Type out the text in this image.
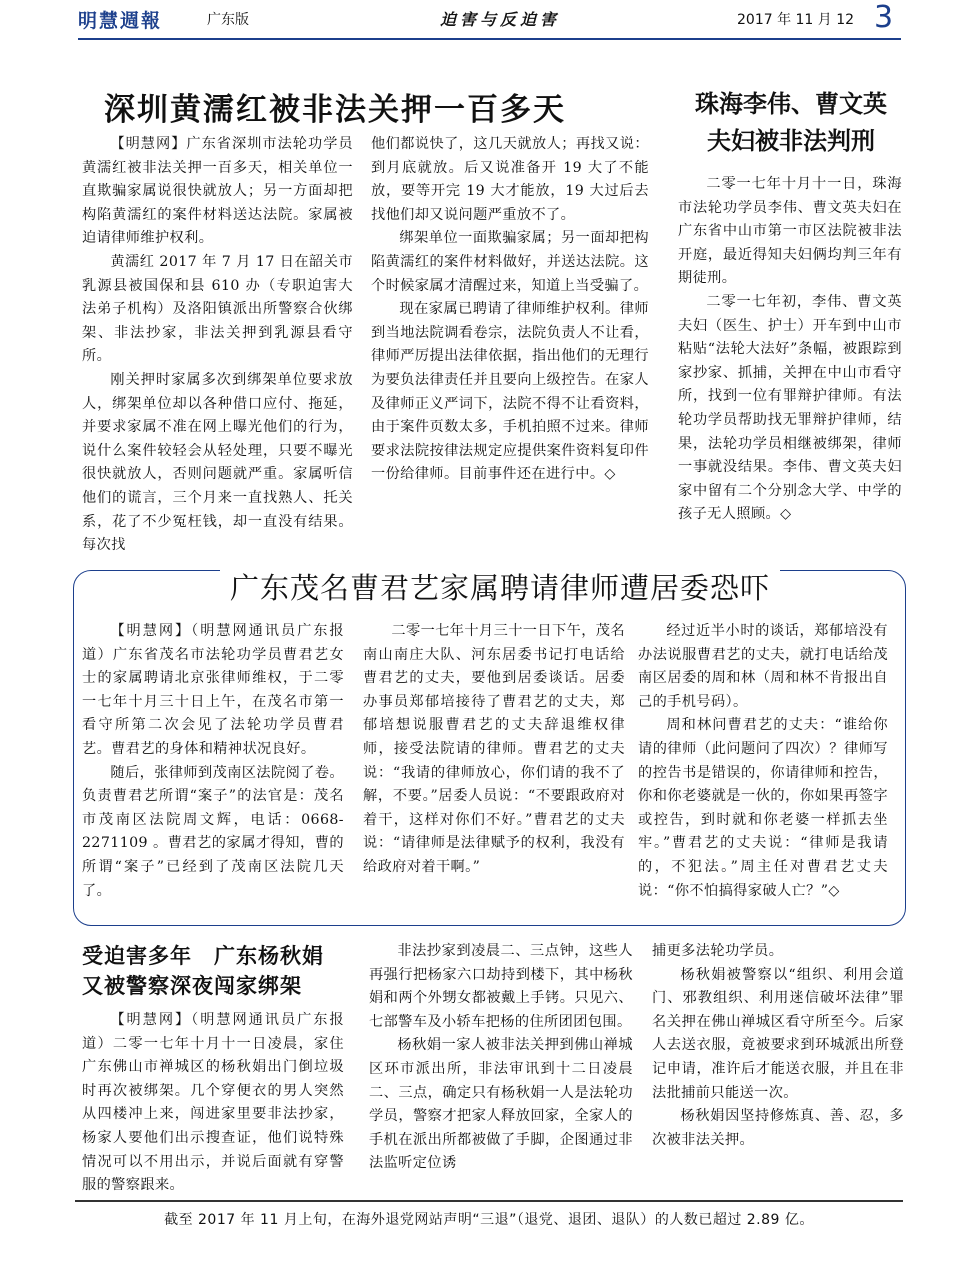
明慧週報	广东版	迫害与反迫害	2017 年 11 月 12 3
深圳黄濡红被非法关押一百多天

【明慧网】广东省深圳市法轮功学员黄濡红被非法关押一百多天，相关单位一直欺骗家属说很快就放人；另一方面却把构陷黄濡红的案件材料送达法院。家属被迫请律师维护权利。

黄濡红 2017 年 7 月 17 日在韶关市乳源县被国保和县 610 办（专职迫害大法弟子机构）及洛阳镇派出所警察合伙绑架、非法抄家，非法关押到乳源县看守所。

刚关押时家属多次到绑架单位要求放人，绑架单位却以各种借口应付、拖延，并要求家属不准在网上曝光他们的行为，说什么案件较轻会从轻处理，只要不曝光很快就放人，否则问题就严重。家属听信他们的谎言，三个月来一直找熟人、托关系，花了不少冤枉钱，却一直没有结果。每次找

他们都说快了，这几天就放人；再找又说：到月底就放。后又说准备开 19 大了不能放，要等开完 19 大才能放，19 大过后去找他们却又说问题严重放不了。

绑架单位一面欺骗家属；另一面却把构陷黄濡红的案件材料做好，并送达法院。这个时候家属才清醒过来，知道上当受骗了。

现在家属已聘请了律师维护权利。律师到当地法院调看卷宗，法院负责人不让看，律师严厉提出法律依据，指出他们的无理行为要负法律责任并且要向上级控告。在家人及律师正义严词下，法院不得不让看资料，由于案件页数太多，手机拍照不过来。律师要求法院按律法规定应提供案件资料复印件一份给律师。目前事件还在进行中。◇

珠海李伟、曹文英
夫妇被非法判刑

二零一七年十月十一日，珠海市法轮功学员李伟、曹文英夫妇在广东省中山市第一市区法院被非法开庭，最近得知夫妇俩均判三年有期徒刑。

二零一七年初，李伟、曹文英夫妇（医生、护士）开车到中山市粘贴“法轮大法好”条幅，被跟踪到家抄家、抓捕，关押在中山市看守所，找到一位有罪辩护律师。有法轮功学员帮助找无罪辩护律师，结果，法轮功学员相继被绑架，律师一事就没结果。李伟、曹文英夫妇家中留有二个分别念大学、中学的孩子无人照顾。◇

广东茂名曹君艺家属聘请律师遭居委恐吓

【明慧网】（明慧网通讯员广东报道）广东省茂名市法轮功学员曹君艺女士的家属聘请北京张律师维权，于二零一七年十月三十日上午，在茂名市第一看守所第二次会见了法轮功学员曹君艺。曹君艺的身体和精神状况良好。

随后，张律师到茂南区法院阅了卷。负责曹君艺所谓“案子”的法官是：茂名市茂南区法院周文辉，电话：0668-2271109 。曹君艺的家属才得知，曹的所谓“案子”已经到了茂南区法院几天了。

二零一七年十月三十一日下午，茂名南山南庄大队、河东居委书记打电话给曹君艺的丈夫，要他到居委谈话。居委办事员郑郁培接待了曹君艺的丈夫，郑郁培想说服曹君艺的丈夫辞退维权律师，接受法院请的律师。曹君艺的丈夫说：“我请的律师放心，你们请的我不了解，不要。”居委人员说：“不要跟政府对着干，这样对你们不好。”曹君艺的丈夫说：“请律师是法律赋予的权利，我没有给政府对着干啊。”

经过近半小时的谈话，郑郁培没有办法说服曹君艺的丈夫，就打电话给茂南区居委的周和林（周和林不肯报出自己的手机号码）。

周和林问曹君艺的丈夫：“谁给你请的律师（此问题问了四次）？律师写的控告书是错误的，你请律师和控告，你和你老婆就是一伙的，你如果再签字或控告，到时就和你老婆一样抓去坐牢。”曹君艺的丈夫说：“律师是我请的，不犯法。”周主任对曹君艺丈夫说：“你不怕搞得家破人亡？”◇

受迫害多年　广东杨秋娟
又被警察深夜闯家绑架

【明慧网】（明慧网通讯员广东报道）二零一七年十月十一日凌晨，家住广东佛山市禅城区的杨秋娟出门倒垃圾时再次被绑架。几个穿便衣的男人突然从四楼冲上来，闯进家里要非法抄家，杨家人要他们出示搜查证，他们说特殊情况可以不用出示，并说后面就有穿警服的警察跟来。

非法抄家到凌晨二、三点钟，这些人再强行把杨家六口劫持到楼下，其中杨秋娟和两个外甥女都被戴上手铐。只见六、七部警车及小轿车把杨的住所团团包围。

杨秋娟一家人被非法关押到佛山禅城区环市派出所，非法审讯到十二日凌晨二、三点，确定只有杨秋娟一人是法轮功学员，警察才把家人释放回家，全家人的手机在派出所都被做了手脚，企图通过非法监听定位诱

捕更多法轮功学员。

杨秋娟被警察以“组织、利用会道门、邪教组织、利用迷信破坏法律”罪名关押在佛山禅城区看守所至今。后家人去送衣服，竟被要求到环城派出所登记申请，准许后才能送衣服，并且在非法批捕前只能送一次。

杨秋娟因坚持修炼真、善、忍，多次被非法关押。

截至 2017 年 11 月上旬，在海外退党网站声明“三退”（退党、退团、退队）的人数已超过 2.89 亿。
